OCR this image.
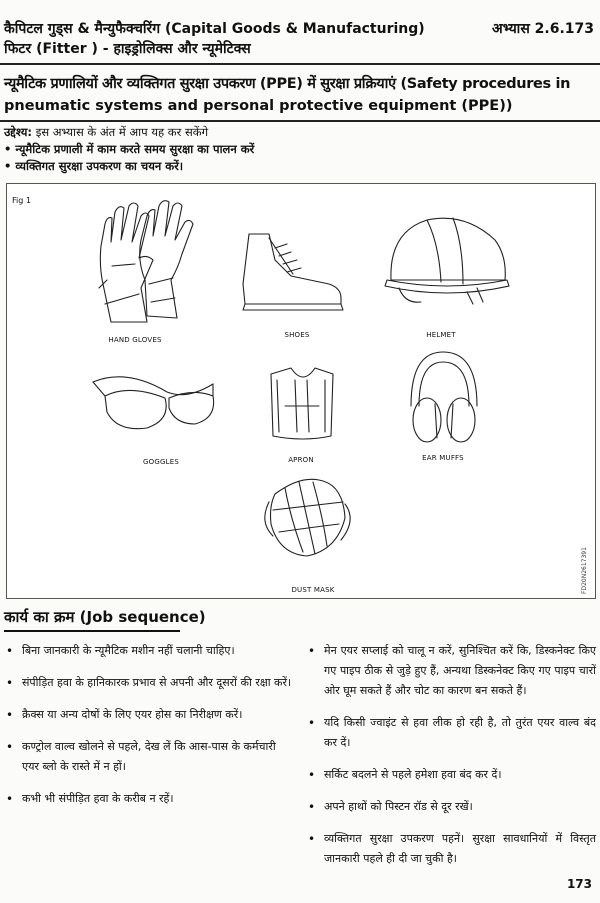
कैपिटल गुड्स & मैन्युफैक्चरिंग (Capital Goods & Manufacturing)	अभ्यास 2.6.173
फिटर (Fitter ) - हाइड्रोलिक्स और न्यूमेटिक्स
न्यूमैटिक प्रणालियों और व्यक्तिगत सुरक्षा उपकरण (PPE) में सुरक्षा प्रक्रियाएं (Safety procedures in
pneumatic systems and personal protective equipment (PPE))
उद्देश्य: इस अभ्यास के अंत में आप यह कर सकेंगे
• न्यूमैटिक प्रणाली में काम करते समय सुरक्षा का पालन करें
• व्यक्तिगत सुरक्षा उपकरण का चयन करें।
Fig 1
HAND GLOVES
SHOES	HELMET
GOGGLES	APRON	EAR MUFFS
DUST MASK	FD20N2617391
कार्य का क्रम (Job sequence)
• बिना जानकारी के न्यूमैटिक मशीन नहीं चलानी चाहिए।
• संपीड़ित हवा के हानिकारक प्रभाव से अपनी और दूसरों की रक्षा करें।
• क्रैक्स या अन्य दोषों के लिए एयर होस का निरीक्षण करें।
• कण्ट्रोल वाल्व खोलने से पहले, देख लें कि आस-पास के कर्मचारी एयर ब्लो के रास्ते में न हों।
• कभी भी संपीड़ित हवा के करीब न रहें।
• मेन एयर सप्लाई को चालू न करें, सुनिश्चित करें कि, डिस्कनेक्ट किए गए पाइप ठीक से जुड़े हुए हैं, अन्यथा डिस्कनेक्ट किए गए पाइप चारों ओर घूम सकते हैं और चोट का कारण बन सकते हैं।
• यदि किसी ज्वाइंट से हवा लीक हो रही है, तो तुरंत एयर वाल्व बंद कर दें।
• सर्किट बदलने से पहले हमेशा हवा बंद कर दें।
• अपने हाथों को पिस्टन रॉड से दूर रखें।
• व्यक्तिगत सुरक्षा उपकरण पहनें। सुरक्षा सावधानियों में विस्तृत जानकारी पहले ही दी जा चुकी है।
173
